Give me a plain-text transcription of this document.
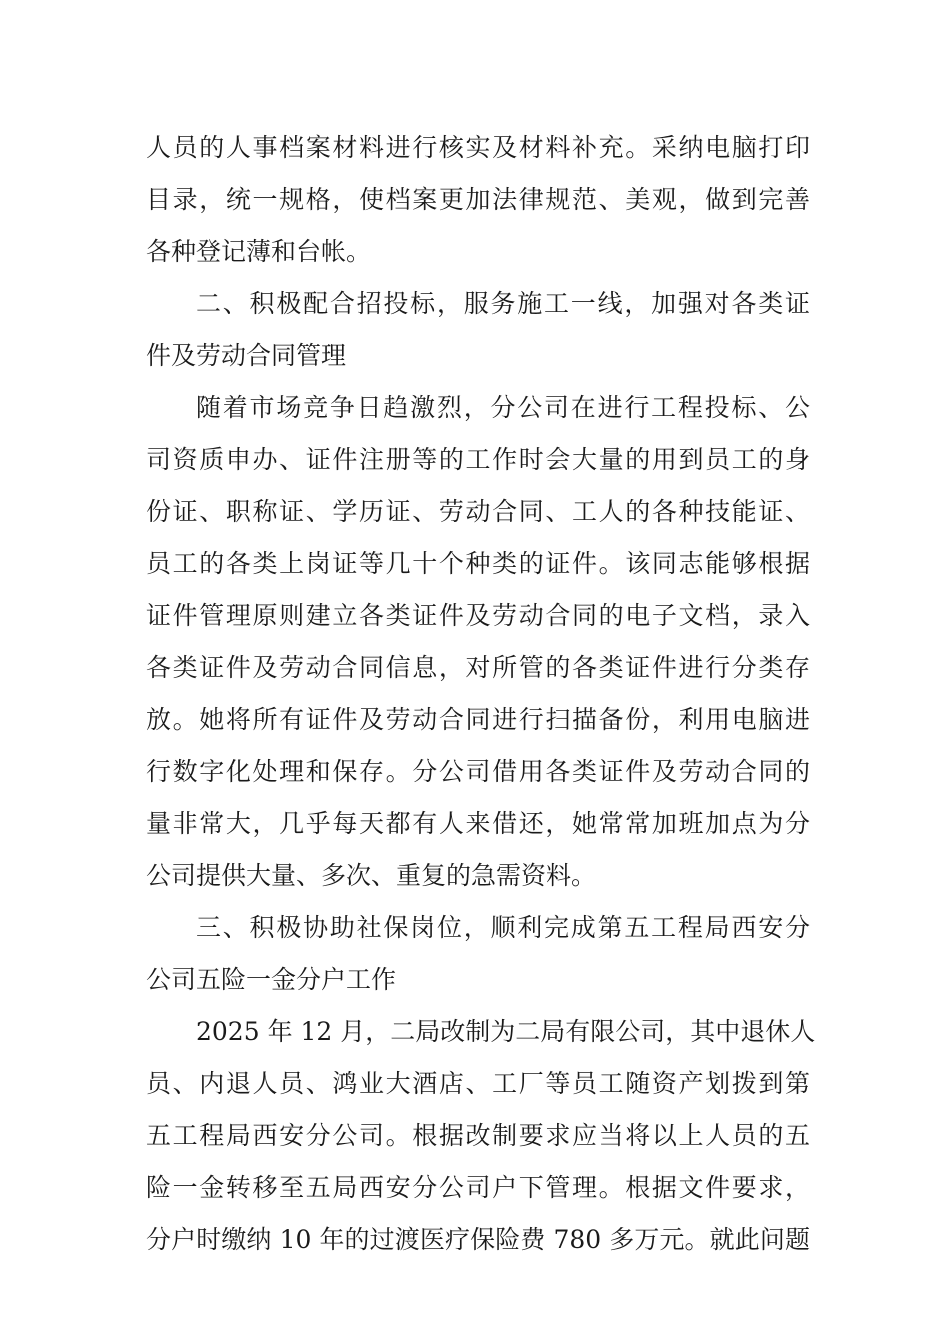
人员的人事档案材料进行核实及材料补充。采纳电脑打印
目录，统一规格，使档案更加法律规范、美观，做到完善
各种登记薄和台帐。
二、积极配合招投标，服务施工一线，加强对各类证
件及劳动合同管理
随着市场竞争日趋激烈，分公司在进行工程投标、公
司资质申办、证件注册等的工作时会大量的用到员工的身
份证、职称证、学历证、劳动合同、工人的各种技能证、
员工的各类上岗证等几十个种类的证件。该同志能够根据
证件管理原则建立各类证件及劳动合同的电子文档，录入
各类证件及劳动合同信息，对所管的各类证件进行分类存
放。她将所有证件及劳动合同进行扫描备份，利用电脑进
行数字化处理和保存。分公司借用各类证件及劳动合同的
量非常大，几乎每天都有人来借还，她常常加班加点为分
公司提供大量、多次、重复的急需资料。
三、积极协助社保岗位，顺利完成第五工程局西安分
公司五险一金分户工作
2025 年 12 月，二局改制为二局有限公司，其中退休人
员、内退人员、鸿业大酒店、工厂等员工随资产划拨到第
五工程局西安分公司。根据改制要求应当将以上人员的五
险一金转移至五局西安分公司户下管理。根据文件要求，
分户时缴纳 10 年的过渡医疗保险费 780 多万元。就此问题
